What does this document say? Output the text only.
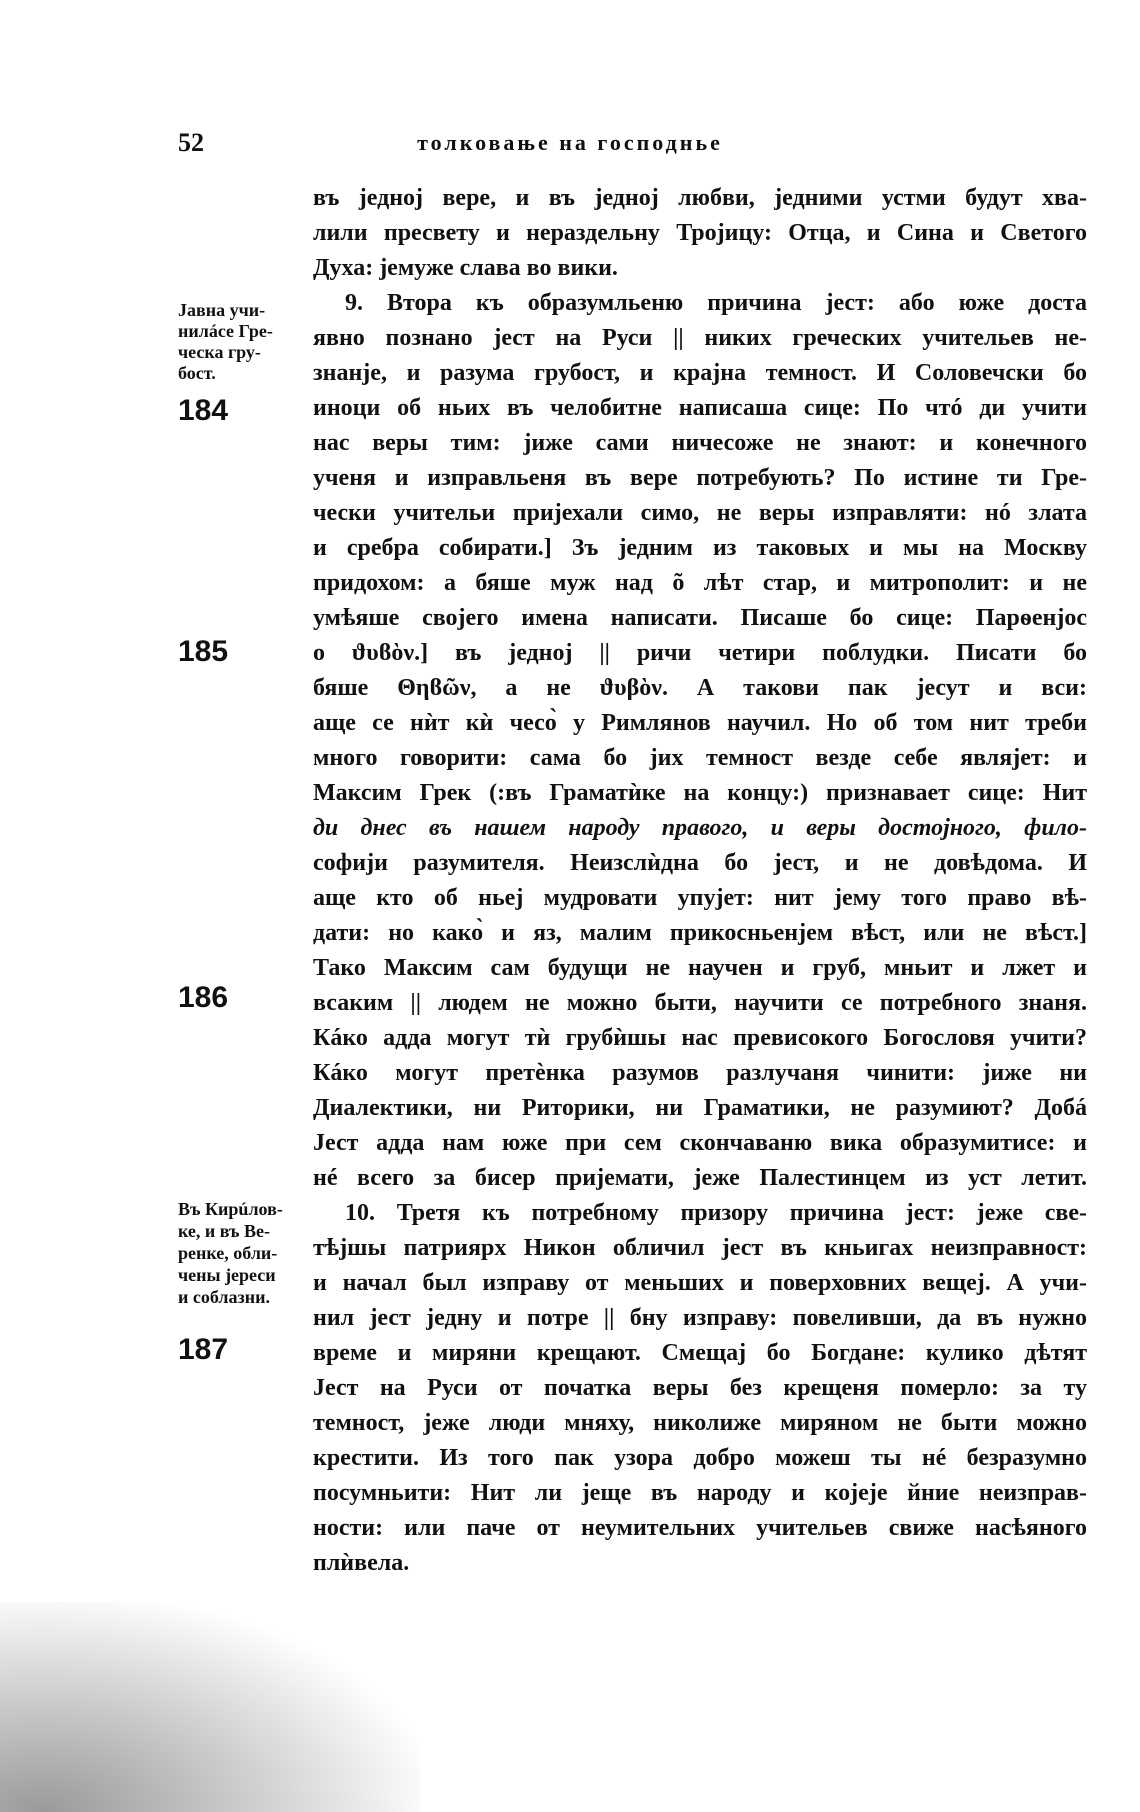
52	толковање на господнье
Јавна учи-
нилáсе Гре-
ческа гру-
бост.
Въ Кирúлов-
ке, и въ Ве-
ренке, обли-
чены јереси
и соблазни.
184
185
186
187
въ једној вере, и въ једној любви, једними устми будут хва-
лили пресвету и нераздельну Тројицу: Отца, и Сина и Светого
Духа: јемуже слава во вики.
9. Втора къ образумльеню причина јест: або юже доста
явно познано јест на Руси || никих греческих учительев не-
знанје, и разума грубост, и крајна темност. И Соловечски бо
иноци об ньих въ челобитне написаша сице: По чтó ди учити
нас веры тим: јиже сами ничесоже не знают: и конечного
ученя и изправльеня въ вере потребують? По истине ти Гре-
чески учительи пријехали симо, не веры изправляти: нó злата
и сребра собирати.] Зъ једним из таковых и мы на Москву
придохом: а бяше муж над õ лѣт стар, и митрополит: и не
умѣяше својего имена написати. Писаше бо сице: Парѳенјос
ο ϑυϐὸν.] въ једној || ричи четири поблудки. Писати бо
бяше Θηϐῶν, а не ϑυβὸν. А такови пак јесут и вси:
аще се нѝт кѝ чесо̀ у Римлянов научил. Но об том нит треби
много говорити: сама бо јих темност везде себе являјет: и
Максим Грек (:въ Граматѝке на концу:) признавает сице: Нит
ди днес въ нашем народу правого, и веры достојного, фило-
софији разумителя. Неизслѝдна бо јест, и не довѣдома. И
аще кто об ньеј мудровати упујет: нит јему того право вѣ-
дати: но како̀ и яз, малим прикосньенјем вѣст, или не вѣст.]
Тако Максим сам будущи не научен и груб, мньит и лжет и
всаким || людем не можно быти, научити се потребного знаня.
Кáко адда могут тѝ грубѝшы нас превисокого Богословя учити?
Кáко могут претѐнка разумов разлучаня чинити: јиже ни
Диалектики, ни Риторики, ни Граматики, не разумиют? Добá
Јест адда нам юже при сем скончаваню вика образумитисе: и
нé всего за бисер пријемати, јеже Палестинцем из уст летит.
10. Третя къ потребному призору причина јест: јеже све-
тѣјшы патриярх Никон обличил јест въ кньигах неизправност:
и начал был изправу от меньших и поверховних вещеј. А учи-
нил јест једну и потре || бну изправу: повеливши, да въ нужно
време и миряни крещают. Смещај бо Богдане: кулико дѣтят
Јест на Руси от початка веры без крещеня померло: за ту
темност, јеже люди мняху, николиже миряном не быти можно
крестити. Из того пак узора добро можеш ты нé безразумно
посумньити: Нит ли јеще въ народу и којеје йние неизправ-
ности: или паче от неумительних учительев свиже насѣяного
плѝвела.
